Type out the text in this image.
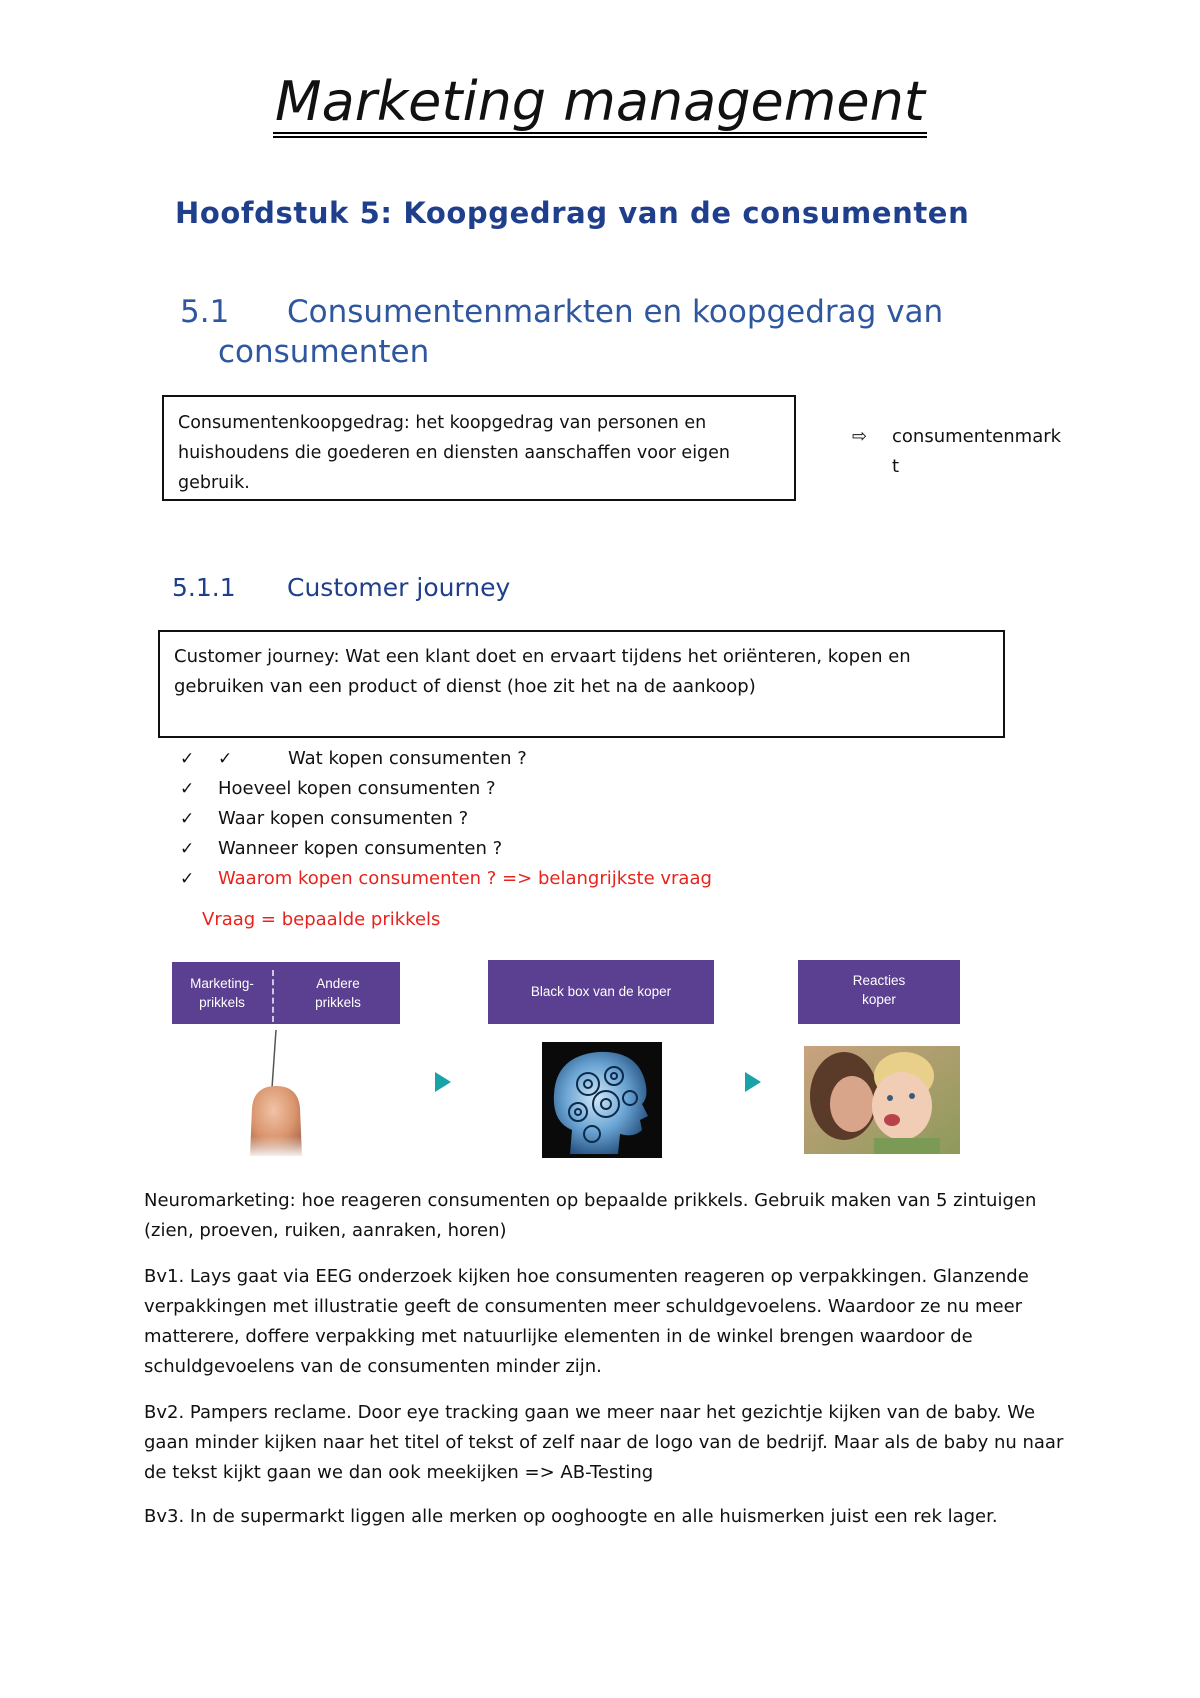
Marketing management
Hoofdstuk 5: Koopgedrag van de consumenten
5.1 Consumentenmarkten en koopgedrag van
consumenten
Consumentenkoopgedrag: het koopgedrag van personen en huishoudens die goederen en diensten aanschaffen voor eigen gebruik.
⇨ consumentenmarkt
5.1.1 Customer journey
Customer journey: Wat een klant doet en ervaart tijdens het oriënteren, kopen en gebruiken van een product of dienst (hoe zit het na de aankoop)
✓ ✓	Wat kopen consumenten ?
✓ Hoeveel kopen consumenten ?
✓ Waar kopen consumenten ?
✓ Wanneer kopen consumenten ?
✓ Waarom kopen consumenten ? => belangrijkste vraag
Vraag = bepaalde prikkels
Marketing-
prikkels
Andere
prikkels
Black box van de koper
Reacties
koper

Neuromarketing: hoe reageren consumenten op bepaalde prikkels. Gebruik maken van 5 zintuigen (zien, proeven, ruiken, aanraken, horen)

Bv1. Lays gaat via EEG onderzoek kijken hoe consumenten reageren op verpakkingen. Glanzende verpakkingen met illustratie geeft de consumenten meer schuldgevoelens. Waardoor ze nu meer matterere, doffere verpakking met natuurlijke elementen in de winkel brengen waardoor de schuldgevoelens van de consumenten minder zijn.

Bv2. Pampers reclame. Door eye tracking gaan we meer naar het gezichtje kijken van de baby. We gaan minder kijken naar het titel of tekst of zelf naar de logo van de bedrijf. Maar als de baby nu naar de tekst kijkt gaan we dan ook meekijken => AB-Testing

Bv3. In de supermarkt liggen alle merken op ooghoogte en alle huismerken juist een rek lager.
